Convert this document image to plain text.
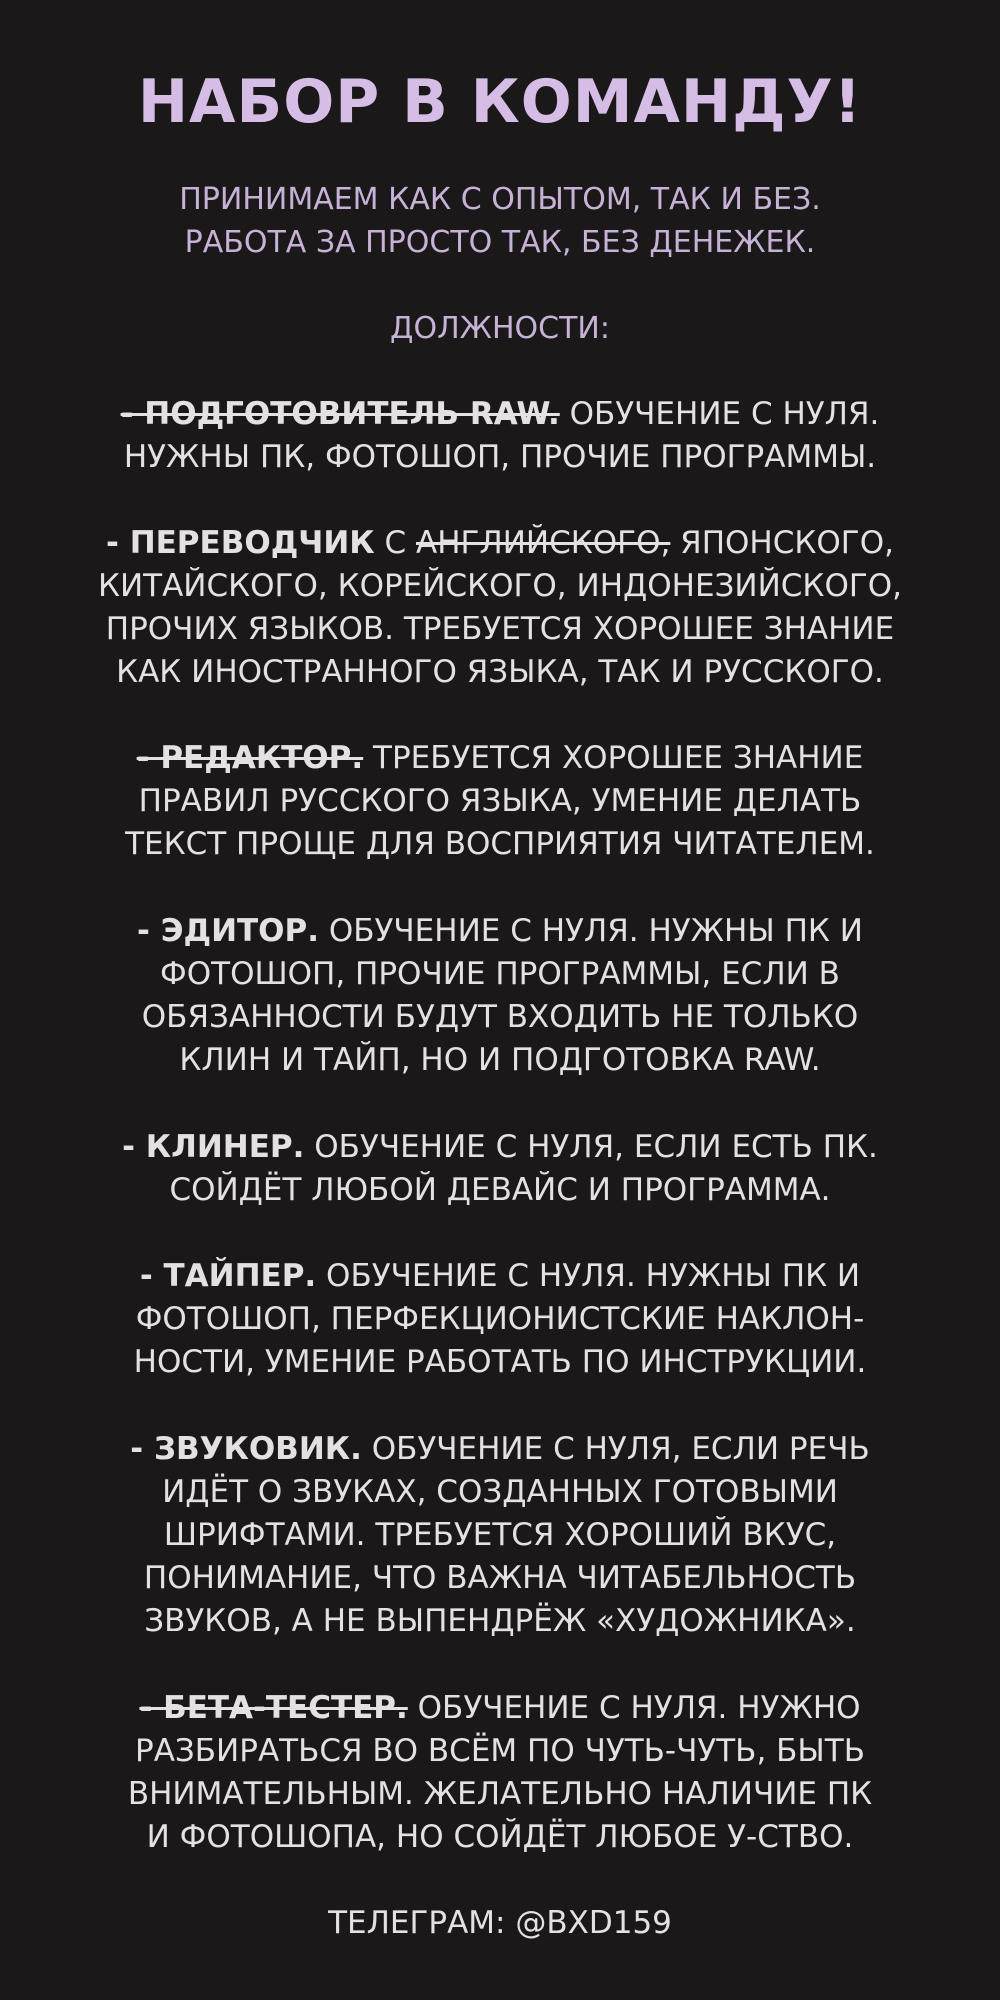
НАБОР В КОМАНДУ!

ПРИНИМАЕМ КАК С ОПЫТОМ, ТАК И БЕЗ.
РАБОТА ЗА ПРОСТО ТАК, БЕЗ ДЕНЕЖЕК.

ДОЛЖНОСТИ:

- ПОДГОТОВИТЕЛЬ RAW. ОБУЧЕНИЕ С НУЛЯ.
НУЖНЫ ПК, ФОТОШОП, ПРОЧИЕ ПРОГРАММЫ.

- ПЕРЕВОДЧИК С АНГЛИЙСКОГО, ЯПОНСКОГО,
КИТАЙСКОГО, КОРЕЙСКОГО, ИНДОНЕЗИЙСКОГО,
ПРОЧИХ ЯЗЫКОВ. ТРЕБУЕТСЯ ХОРОШЕЕ ЗНАНИЕ
КАК ИНОСТРАННОГО ЯЗЫКА, ТАК И РУССКОГО.

- РЕДАКТОР. ТРЕБУЕТСЯ ХОРОШЕЕ ЗНАНИЕ
ПРАВИЛ РУССКОГО ЯЗЫКА, УМЕНИЕ ДЕЛАТЬ
ТЕКСТ ПРОЩЕ ДЛЯ ВОСПРИЯТИЯ ЧИТАТЕЛЕМ.

- ЭДИТОР. ОБУЧЕНИЕ С НУЛЯ. НУЖНЫ ПК И
ФОТОШОП, ПРОЧИЕ ПРОГРАММЫ, ЕСЛИ В
ОБЯЗАННОСТИ БУДУТ ВХОДИТЬ НЕ ТОЛЬКО
КЛИН И ТАЙП, НО И ПОДГОТОВКА RAW.

- КЛИНЕР. ОБУЧЕНИЕ С НУЛЯ, ЕСЛИ ЕСТЬ ПК.
СОЙДЁТ ЛЮБОЙ ДЕВАЙС И ПРОГРАММА.

- ТАЙПЕР. ОБУЧЕНИЕ С НУЛЯ. НУЖНЫ ПК И
ФОТОШОП, ПЕРФЕКЦИОНИСТСКИЕ НАКЛОН-
НОСТИ, УМЕНИЕ РАБОТАТЬ ПО ИНСТРУКЦИИ.

- ЗВУКОВИК. ОБУЧЕНИЕ С НУЛЯ, ЕСЛИ РЕЧЬ
ИДЁТ О ЗВУКАХ, СОЗДАННЫХ ГОТОВЫМИ
ШРИФТАМИ. ТРЕБУЕТСЯ ХОРОШИЙ ВКУС,
ПОНИМАНИЕ, ЧТО ВАЖНА ЧИТАБЕЛЬНОСТЬ
ЗВУКОВ, А НЕ ВЫПЕНДРЁЖ «ХУДОЖНИКА».

- БЕТА-ТЕСТЕР. ОБУЧЕНИЕ С НУЛЯ. НУЖНО
РАЗБИРАТЬСЯ ВО ВСЁМ ПО ЧУТЬ-ЧУТЬ, БЫТЬ
ВНИМАТЕЛЬНЫМ. ЖЕЛАТЕЛЬНО НАЛИЧИЕ ПК
И ФОТОШОПА, НО СОЙДЁТ ЛЮБОЕ У-СТВО.

ТЕЛЕГРАМ: @BXD159
